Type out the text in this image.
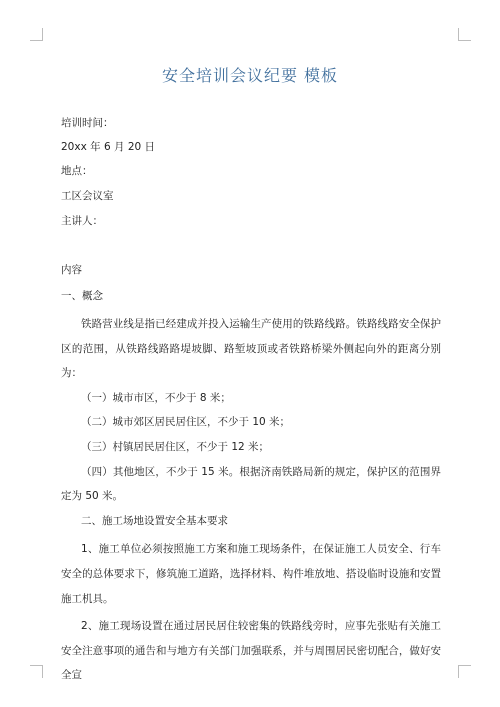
安全培训会议纪要 模板
培训时间：
20xx 年 6 月 20 日
地点：
工区会议室
主讲人：
内容
一、概念
铁路营业线是指已经建成并投入运输生产使用的铁路线路。铁路线路安全保护区的范围，从铁路线路路堤坡脚、路堑坡顶或者铁路桥梁外侧起向外的距离分别为：
（一）城市市区，不少于 8 米；
（二）城市郊区居民居住区，不少于 10 米；
（三）村镇居民居住区，不少于 12 米；
（四）其他地区，不少于 15 米。根据济南铁路局新的规定，保护区的范围界定为 50 米。
二、施工场地设置安全基本要求
1、施工单位必须按照施工方案和施工现场条件，在保证施工人员安全、行车安全的总体要求下，修筑施工道路，选择材料、构件堆放地、搭设临时设施和安置施工机具。
2、施工现场设置在通过居民居住较密集的铁路线旁时，应事先张贴有关施工安全注意事项的通告和与地方有关部门加强联系，并与周围居民密切配合，做好安全宣
